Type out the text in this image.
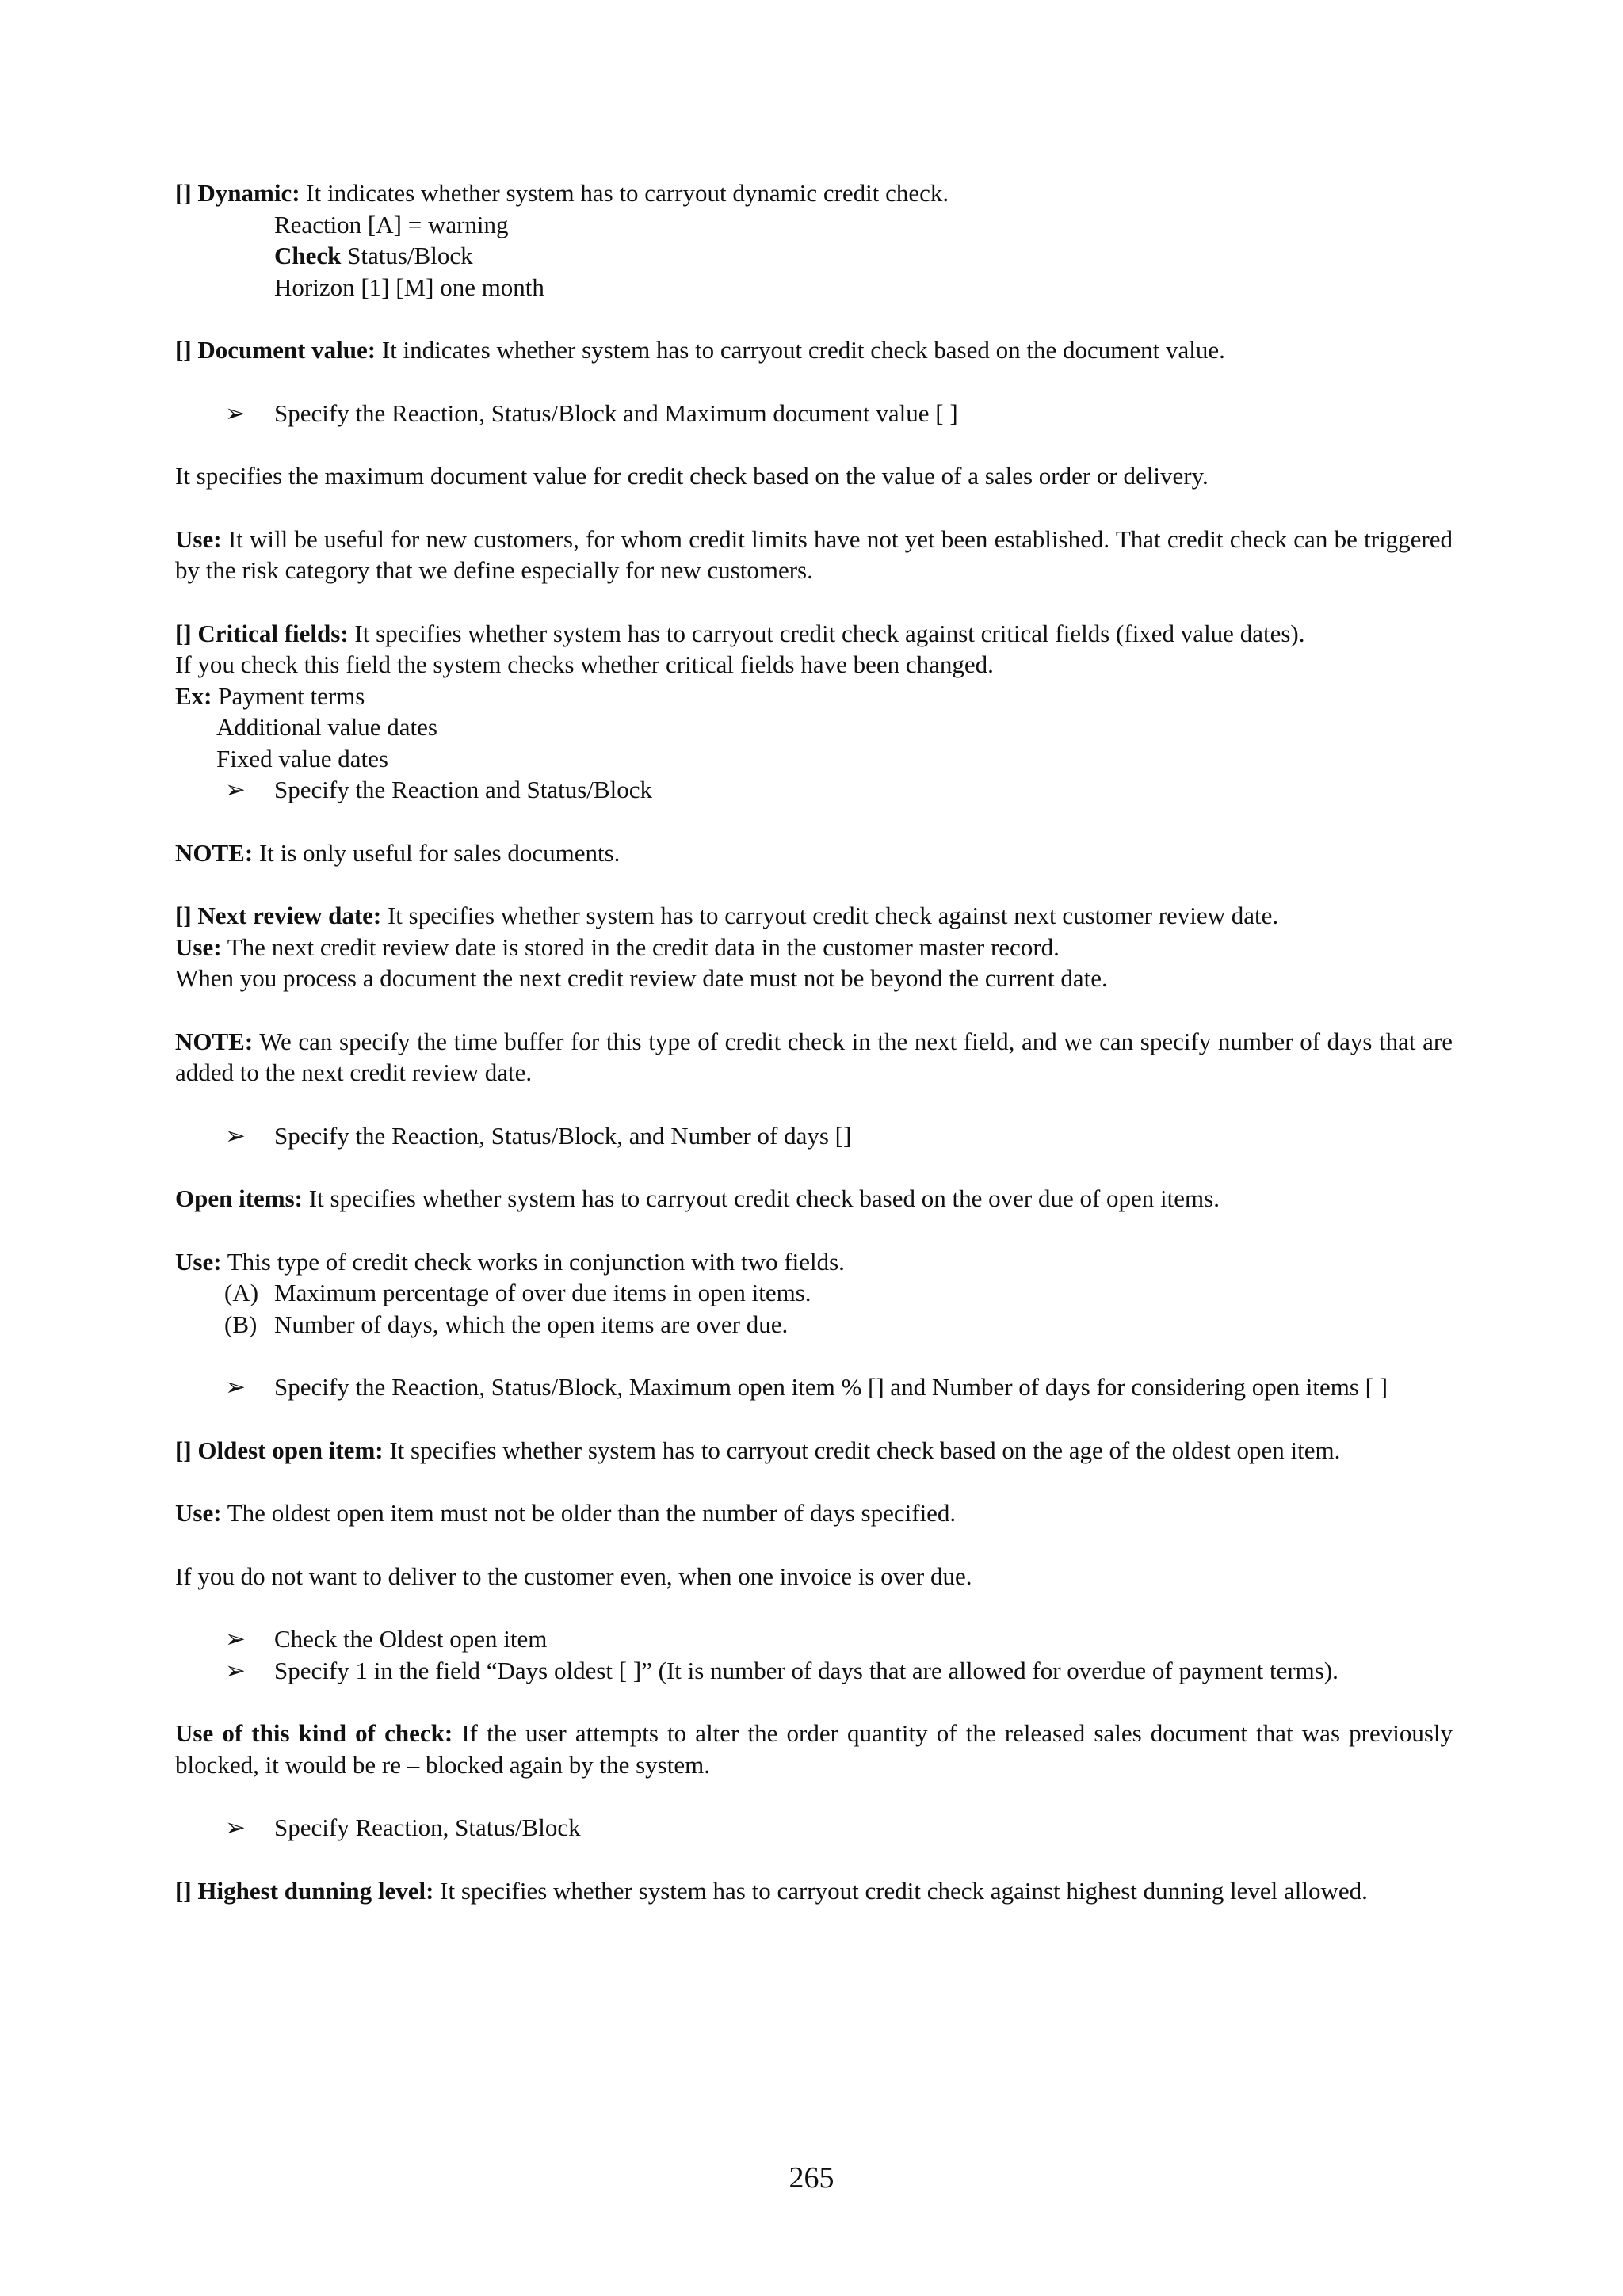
[] Dynamic: It indicates whether system has to carryout dynamic credit check.

Reaction [A] = warning

Check Status/Block

Horizon [1] [M] one month

[] Document value: It indicates whether system has to carryout credit check based on the document value.

➢ Specify the Reaction, Status/Block and Maximum document value [ ]

It specifies the maximum document value for credit check based on the value of a sales order or delivery.

Use: It will be useful for new customers, for whom credit limits have not yet been established. That credit check can be triggered by the risk category that we define especially for new customers.

[] Critical fields: It specifies whether system has to carryout credit check against critical fields (fixed value dates).

If you check this field the system checks whether critical fields have been changed.

Ex: Payment terms

Additional value dates

Fixed value dates

➢ Specify the Reaction and Status/Block

NOTE: It is only useful for sales documents.

[] Next review date: It specifies whether system has to carryout credit check against next customer review date.

Use: The next credit review date is stored in the credit data in the customer master record.

When you process a document the next credit review date must not be beyond the current date.

NOTE: We can specify the time buffer for this type of credit check in the next field, and we can specify number of days that are added to the next credit review date.

➢ Specify the Reaction, Status/Block, and Number of days []

Open items: It specifies whether system has to carryout credit check based on the over due of open items.

Use: This type of credit check works in conjunction with two fields.

(A) Maximum percentage of over due items in open items.

(B) Number of days, which the open items are over due.

➢ Specify the Reaction, Status/Block, Maximum open item % [] and Number of days for considering open items [ ]

[] Oldest open item: It specifies whether system has to carryout credit check based on the age of the oldest open item.

Use: The oldest open item must not be older than the number of days specified.

If you do not want to deliver to the customer even, when one invoice is over due.

➢ Check the Oldest open item

➢ Specify 1 in the field “Days oldest [ ]” (It is number of days that are allowed for overdue of payment terms).

Use of this kind of check: If the user attempts to alter the order quantity of the released sales document that was previously blocked, it would be re – blocked again by the system.

➢ Specify Reaction, Status/Block

[] Highest dunning level: It specifies whether system has to carryout credit check against highest dunning level allowed.

265
